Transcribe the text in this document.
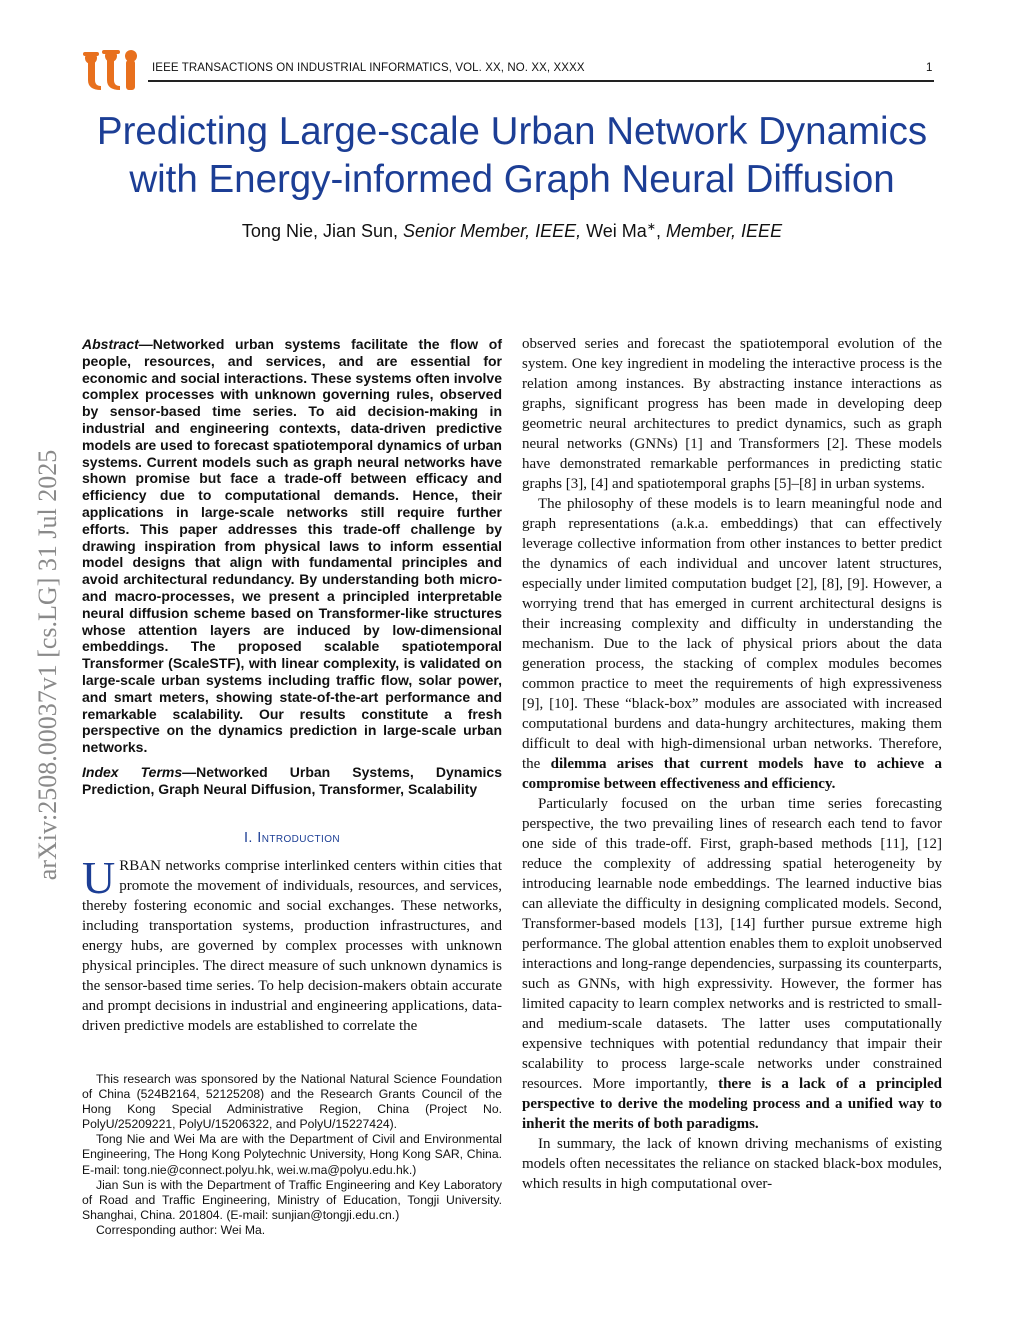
IEEE TRANSACTIONS ON INDUSTRIAL INFORMATICS, VOL. XX, NO. XX, XXXX	1
arXiv:2508.00037v1 [cs.LG] 31 Jul 2025
Predicting Large-scale Urban Network Dynamics
with Energy-informed Graph Neural Diffusion
Tong Nie, Jian Sun, Senior Member, IEEE, Wei Ma∗, Member, IEEE
Abstract—Networked urban systems facilitate the flow of people, resources, and services, and are essential for economic and social interactions. These systems often involve complex processes with unknown governing rules, observed by sensor-based time series. To aid decision-making in industrial and engineering contexts, data-driven predictive models are used to forecast spatiotemporal dynamics of urban systems. Current models such as graph neural networks have shown promise but face a trade-off between efficacy and efficiency due to computational demands. Hence, their applications in large-scale networks still require further efforts. This paper addresses this trade-off challenge by drawing inspiration from physical laws to inform essential model designs that align with fundamental principles and avoid architectural redundancy. By understanding both micro- and macro-processes, we present a principled interpretable neural diffusion scheme based on Transformer-like structures whose attention layers are induced by low-dimensional embeddings. The proposed scalable spatiotemporal Transformer (ScaleSTF), with linear complexity, is validated on large-scale urban systems including traffic flow, solar power, and smart meters, showing state-of-the-art performance and remarkable scalability. Our results constitute a fresh perspective on the dynamics prediction in large-scale urban networks.
Index Terms—Networked Urban Systems, Dynamics Prediction, Graph Neural Diffusion, Transformer, Scalability
I. Introduction
URBAN networks comprise interlinked centers within cities that promote the movement of individuals, resources, and services, thereby fostering economic and social exchanges. These networks, including transportation systems, production infrastructures, and energy hubs, are governed by complex processes with unknown physical principles. The direct measure of such unknown dynamics is the sensor-based time series. To help decision-makers obtain accurate and prompt decisions in industrial and engineering applications, data-driven predictive models are established to correlate the

This research was sponsored by the National Natural Science Foundation of China (524B2164, 52125208) and the Research Grants Council of the Hong Kong Special Administrative Region, China (Project No. PolyU/25209221, PolyU/15206322, and PolyU/15227424).

Tong Nie and Wei Ma are with the Department of Civil and Environmental Engineering, The Hong Kong Polytechnic University, Hong Kong SAR, China. E-mail: tong.nie@connect.polyu.hk, wei.w.ma@polyu.edu.hk.)

Jian Sun is with the Department of Traffic Engineering and Key Laboratory of Road and Traffic Engineering, Ministry of Education, Tongji University. Shanghai, China. 201804. (E-mail: sunjian@tongji.edu.cn.)

Corresponding author: Wei Ma.

observed series and forecast the spatiotemporal evolution of the system. One key ingredient in modeling the interactive process is the relation among instances. By abstracting instance interactions as graphs, significant progress has been made in developing deep geometric neural architectures to predict dynamics, such as graph neural networks (GNNs) [1] and Transformers [2]. These models have demonstrated remarkable performances in predicting static graphs [3], [4] and spatiotemporal graphs [5]–[8] in urban systems.

The philosophy of these models is to learn meaningful node and graph representations (a.k.a. embeddings) that can effectively leverage collective information from other instances to better predict the dynamics of each individual and uncover latent structures, especially under limited computation budget [2], [8], [9]. However, a worrying trend that has emerged in current architectural designs is their increasing complexity and difficulty in understanding the mechanism. Due to the lack of physical priors about the data generation process, the stacking of complex modules becomes common practice to meet the requirements of high expressiveness [9], [10]. These “black-box” modules are associated with increased computational burdens and data-hungry architectures, making them difficult to deal with high-dimensional urban networks. Therefore, the dilemma arises that current models have to achieve a compromise between effectiveness and efficiency.

Particularly focused on the urban time series forecasting perspective, the two prevailing lines of research each tend to favor one side of this trade-off. First, graph-based methods [11], [12] reduce the complexity of addressing spatial heterogeneity by introducing learnable node embeddings. The learned inductive bias can alleviate the difficulty in designing complicated models. Second, Transformer-based models [13], [14] further pursue extreme high performance. The global attention enables them to exploit unobserved interactions and long-range dependencies, surpassing its counterparts, such as GNNs, with high expressivity. However, the former has limited capacity to learn complex networks and is restricted to small- and medium-scale datasets. The latter uses computationally expensive techniques with potential redundancy that impair their scalability to process large-scale networks under constrained resources. More importantly, there is a lack of a principled perspective to derive the modeling process and a unified way to inherit the merits of both paradigms.

In summary, the lack of known driving mechanisms of existing models often necessitates the reliance on stacked black-box modules, which results in high computational over-
